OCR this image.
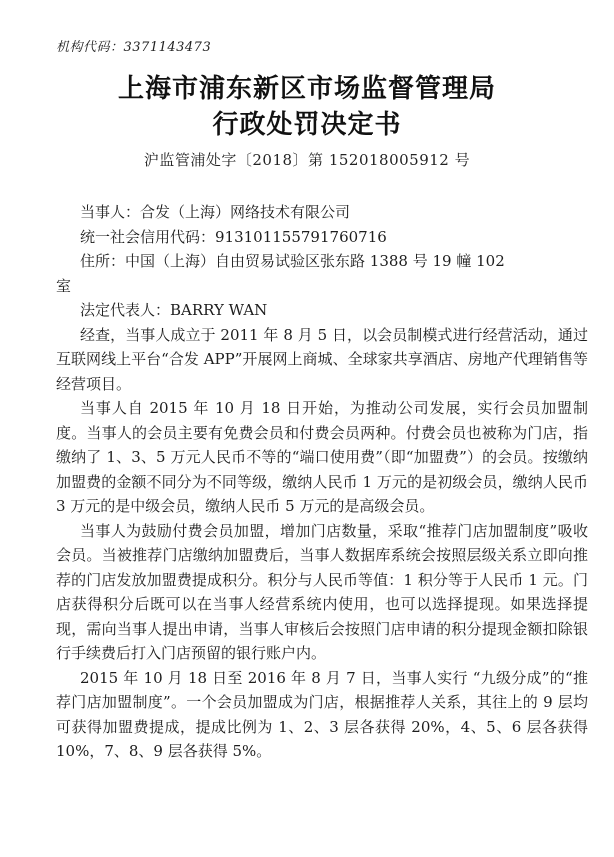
机构代码：3371143473
上海市浦东新区市场监督管理局
行政处罚决定书
沪监管浦处字〔2018〕第 152018005912 号

当事人：合发（上海）网络技术有限公司

统一社会信用代码：913101155791760716

住所：中国（上海）自由贸易试验区张东路 1388 号 19 幢 102

室

法定代表人：BARRY WAN

经查，当事人成立于 2011 年 8 月 5 日，以会员制模式进行经营活动，通过互联网线上平台“合发 APP”开展网上商城、全球家共享酒店、房地产代理销售等经营项目。

当事人自 2015 年 10 月 18 日开始，为推动公司发展，实行会员加盟制度。当事人的会员主要有免费会员和付费会员两种。付费会员也被称为门店，指缴纳了 1、3、5 万元人民币不等的“端口使用费”（即“加盟费”）的会员。按缴纳加盟费的金额不同分为不同等级，缴纳人民币 1 万元的是初级会员，缴纳人民币 3 万元的是中级会员，缴纳人民币 5 万元的是高级会员。

当事人为鼓励付费会员加盟，增加门店数量，采取“推荐门店加盟制度”吸收会员。当被推荐门店缴纳加盟费后，当事人数据库系统会按照层级关系立即向推荐的门店发放加盟费提成积分。积分与人民币等值：1 积分等于人民币 1 元。门店获得积分后既可以在当事人经营系统内使用，也可以选择提现。如果选择提现，需向当事人提出申请，当事人审核后会按照门店申请的积分提现金额扣除银行手续费后打入门店预留的银行账户内。

2015 年 10 月 18 日至 2016 年 8 月 7 日，当事人实行 “九级分成”的“推荐门店加盟制度”。一个会员加盟成为门店，根据推荐人关系，其往上的 9 层均可获得加盟费提成，提成比例为 1、2、3 层各获得 20%，4、5、6 层各获得 10%，7、8、9 层各获得 5%。
